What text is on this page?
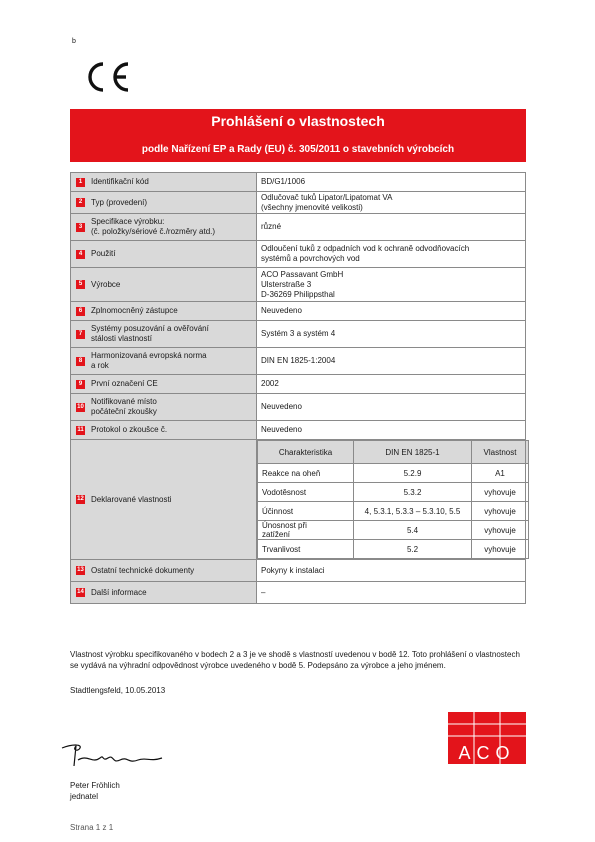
b
Prohlášení o vlastnostech
podle Nařízení EP a Rady (EU) č. 305/2011 o stavebních výrobcích
1	Identifikační kód	BD/G1/1006

2	Typ (provedení)
	Odlučovač tuků Lipator/Lipatomat VA
(všechny jmenovité velikosti)

3
Specifikace výrobku:
(č. položky/sériové č./rozměry atd.)
	různé

4	Použití
	Odloučení tuků z odpadních vod k ochraně odvodňovacích
systémů a povrchových vod

5	Výrobce
	ACO Passavant GmbH
Ulsterstraße 3
D-36269 Philippsthal

6	Zplnomocněný zástupce	Neuvedeno

7
Systémy posuzování a ověřování
stálosti vlastností
	Systém 3 a systém 4

8
Harmonizovaná evropská norma
a rok
	DIN EN 1825-1:2004

9	První označení CE	2002

10
Notifikované místo
počáteční zkoušky
	Neuvedeno

11 Protokol o zkoušce č.	Neuvedeno

12 Deklarované vlastnosti

Charakteristika	DIN EN 1825-1	Vlastnost
Reakce na oheň	5.2.9	A1
Vodotěsnost	5.3.2	vyhovuje
Účinnost	4, 5.3.1, 5.3.3 – 5.3.10, 5.5	vyhovuje
Únosnost při
zatížení	5.4	vyhovuje
Trvanlivost	5.2	vyhovuje

13 Ostatní technické dokumenty	Pokyny k instalaci

14 Další informace	–
Vlastnost výrobku specifikovaného v bodech 2 a 3 je ve shodě s vlastností uvedenou v bodě 12. Toto prohlášení o vlastnostech se vydává na výhradní odpovědnost výrobce uvedeného v bodě 5. Podepsáno za výrobce a jeho jménem.
Stadtlengsfeld, 10.05.2013
ACO
Peter Fröhlich
jednatel
Strana 1 z 1
